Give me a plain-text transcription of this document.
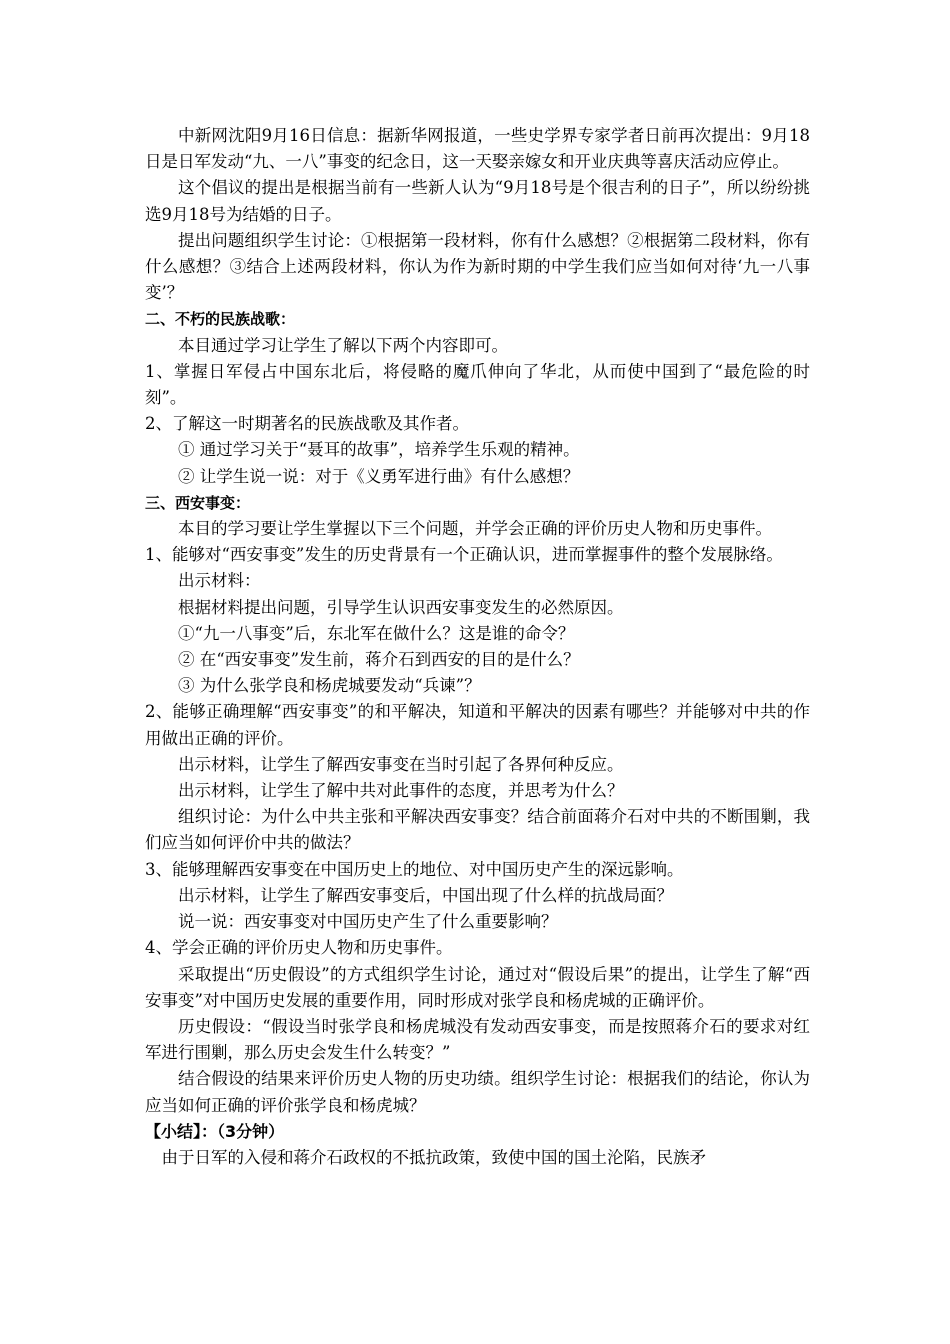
中新网沈阳9月16日信息：据新华网报道，一些史学界专家学者日前再次提出：9月18日是日军发动“九、一八”事变的纪念日，这一天娶亲嫁女和开业庆典等喜庆活动应停止。

这个倡议的提出是根据当前有一些新人认为“9月18号是个很吉利的日子”，所以纷纷挑选9月18号为结婚的日子。

提出问题组织学生讨论：①根据第一段材料，你有什么感想？②根据第二段材料，你有什么感想？③结合上述两段材料，你认为作为新时期的中学生我们应当如何对待‘九一八事变’？

二、不朽的民族战歌：

本目通过学习让学生了解以下两个内容即可。

1、掌握日军侵占中国东北后，将侵略的魔爪伸向了华北，从而使中国到了“最危险的时刻”。

2、了解这一时期著名的民族战歌及其作者。

① 通过学习关于“聂耳的故事”，培养学生乐观的精神。

② 让学生说一说：对于《义勇军进行曲》有什么感想？

三、西安事变：

本目的学习要让学生掌握以下三个问题，并学会正确的评价历史人物和历史事件。

1、能够对“西安事变”发生的历史背景有一个正确认识，进而掌握事件的整个发展脉络。

出示材料：

根据材料提出问题，引导学生认识西安事变发生的必然原因。

①“九一八事变”后，东北军在做什么？这是谁的命令？

② 在“西安事变”发生前，蒋介石到西安的目的是什么？

③ 为什么张学良和杨虎城要发动“兵谏”？

2、能够正确理解“西安事变”的和平解决，知道和平解决的因素有哪些？并能够对中共的作用做出正确的评价。

出示材料，让学生了解西安事变在当时引起了各界何种反应。

出示材料，让学生了解中共对此事件的态度，并思考为什么？

组织讨论：为什么中共主张和平解决西安事变？结合前面蒋介石对中共的不断围剿，我们应当如何评价中共的做法？

3、能够理解西安事变在中国历史上的地位、对中国历史产生的深远影响。

出示材料，让学生了解西安事变后，中国出现了什么样的抗战局面？

说一说：西安事变对中国历史产生了什么重要影响？

4、学会正确的评价历史人物和历史事件。

采取提出“历史假设”的方式组织学生讨论，通过对“假设后果”的提出，让学生了解“西安事变”对中国历史发展的重要作用，同时形成对张学良和杨虎城的正确评价。

历史假设：“假设当时张学良和杨虎城没有发动西安事变，而是按照蒋介石的要求对红军进行围剿，那么历史会发生什么转变？”

结合假设的结果来评价历史人物的历史功绩。组织学生讨论：根据我们的结论，你认为应当如何正确的评价张学良和杨虎城？

【小结】：（3分钟）

由于日军的入侵和蒋介石政权的不抵抗政策，致使中国的国土沦陷，民族矛
